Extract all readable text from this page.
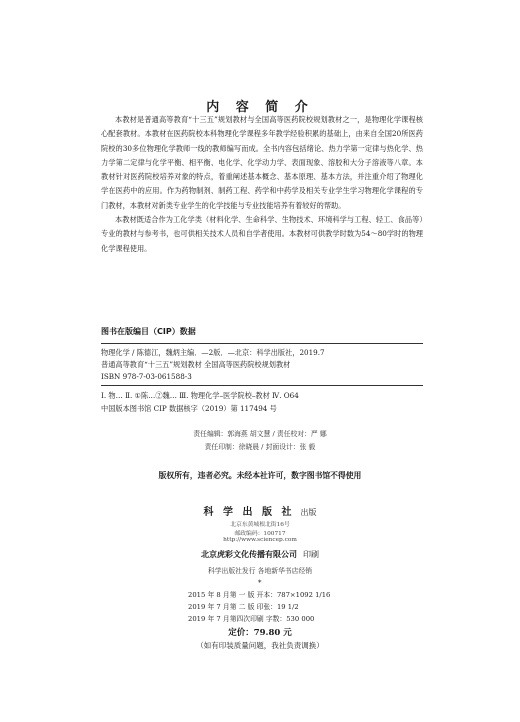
内 容 简 介

本教材是普通高等教育“十三五”规划教材与全国高等医药院校规划教材之一，是物理化学课程核心配套教材。本教材在医药院校本科物理化学课程多年教学经验积累的基础上，由来自全国20所医药院校的30多位物理化学教师一线的教师编写而成。全书内容包括绪论、热力学第一定律与热化学、热力学第二定律与化学平衡、相平衡、电化学、化学动力学、表面现象、溶胶和大分子溶液等八章。本教材针对医药院校培养对象的特点，着重阐述基本概念、基本原理、基本方法，并注重介绍了物理化学在医药中的应用。作为药物制剂、制药工程、药学和中药学及相关专业学生学习物理化学课程的专门教材，本教材对新类专业学生的化学技能与专业技能培养有着较好的帮助。

本教材既适合作为工化学类（材料化学、生命科学、生物技术、环境科学与工程、轻工、食品等）专业的教材与参考书，也可供相关技术人员和自学者使用。本教材可供教学时数为54～80学时的物理化学课程使用。

图书在版编目（CIP）数据
物理化学 / 陈德江，魏炳主编．—2版．—北京：科学出版社，2019.7
普通高等教育“十三五”规划教材 全国高等医药院校规划教材
ISBN 978-7-03-061588-3
Ⅰ. 物… Ⅱ. ①陈…②魏… Ⅲ. 物理化学–医学院校–教材 Ⅳ. O64
中国版本图书馆 CIP 数据核字（2019）第 117494 号
责任编辑：郭海燕 胡文慧 / 责任校对：严 娜
责任印制：徐晓晨 / 封面设计：张 毅
版权所有，违者必究。未经本社许可，数字图书馆不得使用
科 学 出 版 社 出版
北京东黄城根北街16号
邮政编码：100717
http://www.sciencep.com
北京虎彩文化传播有限公司 印刷
科学出版社发行 各地新华书店经销
*
2015 年 8 月第 一 版 开本：787×1092 1/16
2019 年 7 月第 二 版 印张：19 1/2
2019 年 7 月第四次印刷 字数：530 000
定价：79.80 元
（如有印装质量问题，我社负责调换）
